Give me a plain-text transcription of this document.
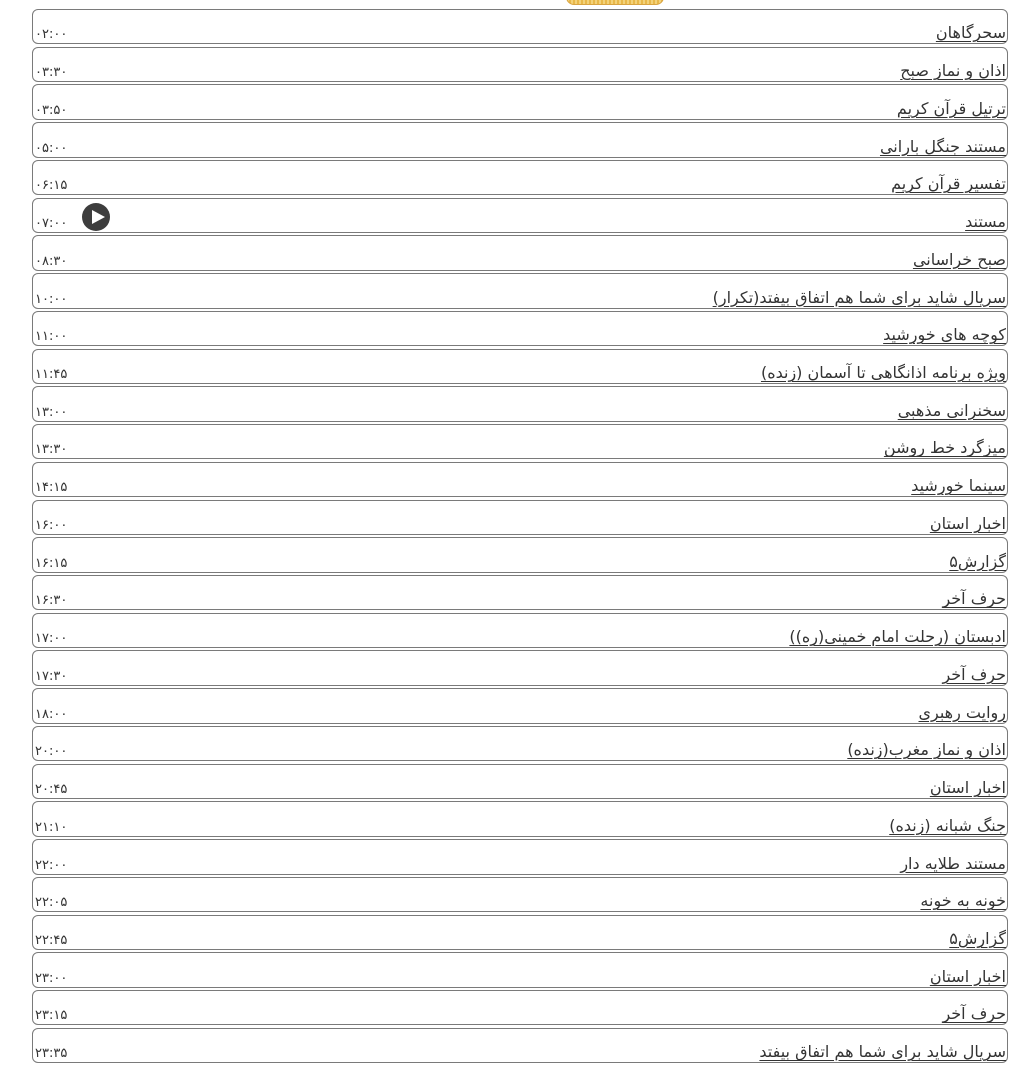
۰۲:۰۰	سحرگاهان
۰۳:۳۰	اذان و نماز صبح
۰۳:۵۰	ترتیل قرآن کریم
۰۵:۰۰	مستند جنگل بارانی
۰۶:۱۵	تفسیر قرآن کریم
۰۷:۰۰	مستند
۰۸:۳۰	صبح خراسانی
۱۰:۰۰	سریال شاید برای شما هم اتفاق بیفتد(تکرار)
۱۱:۰۰	کوچه های خورشید
۱۱:۴۵	ویژه برنامه اذانگاهی تا آسمان (زنده)
۱۳:۰۰	سخنرانی مذهبی
۱۳:۳۰	میزگرد خط روشن
۱۴:۱۵	سینما خورشید
۱۶:۰۰	اخبار استان
۱۶:۱۵	گزارش۵
۱۶:۳۰	حرف آخر
۱۷:۰۰	ادبستان (رحلت امام خمینی(ره))
۱۷:۳۰	حرف آخر
۱۸:۰۰	روایت رهبری
۲۰:۰۰	اذان و نماز مغرب(زنده)
۲۰:۴۵	اخبار استان
۲۱:۱۰	جنگ شبانه (زنده)
۲۲:۰۰	مستند طلایه دار
۲۲:۰۵	خونه به خونه
۲۲:۴۵	گزارش۵
۲۳:۰۰	اخبار استان
۲۳:۱۵	حرف آخر
۲۳:۳۵	سریال شاید برای شما هم اتفاق بیفتد
